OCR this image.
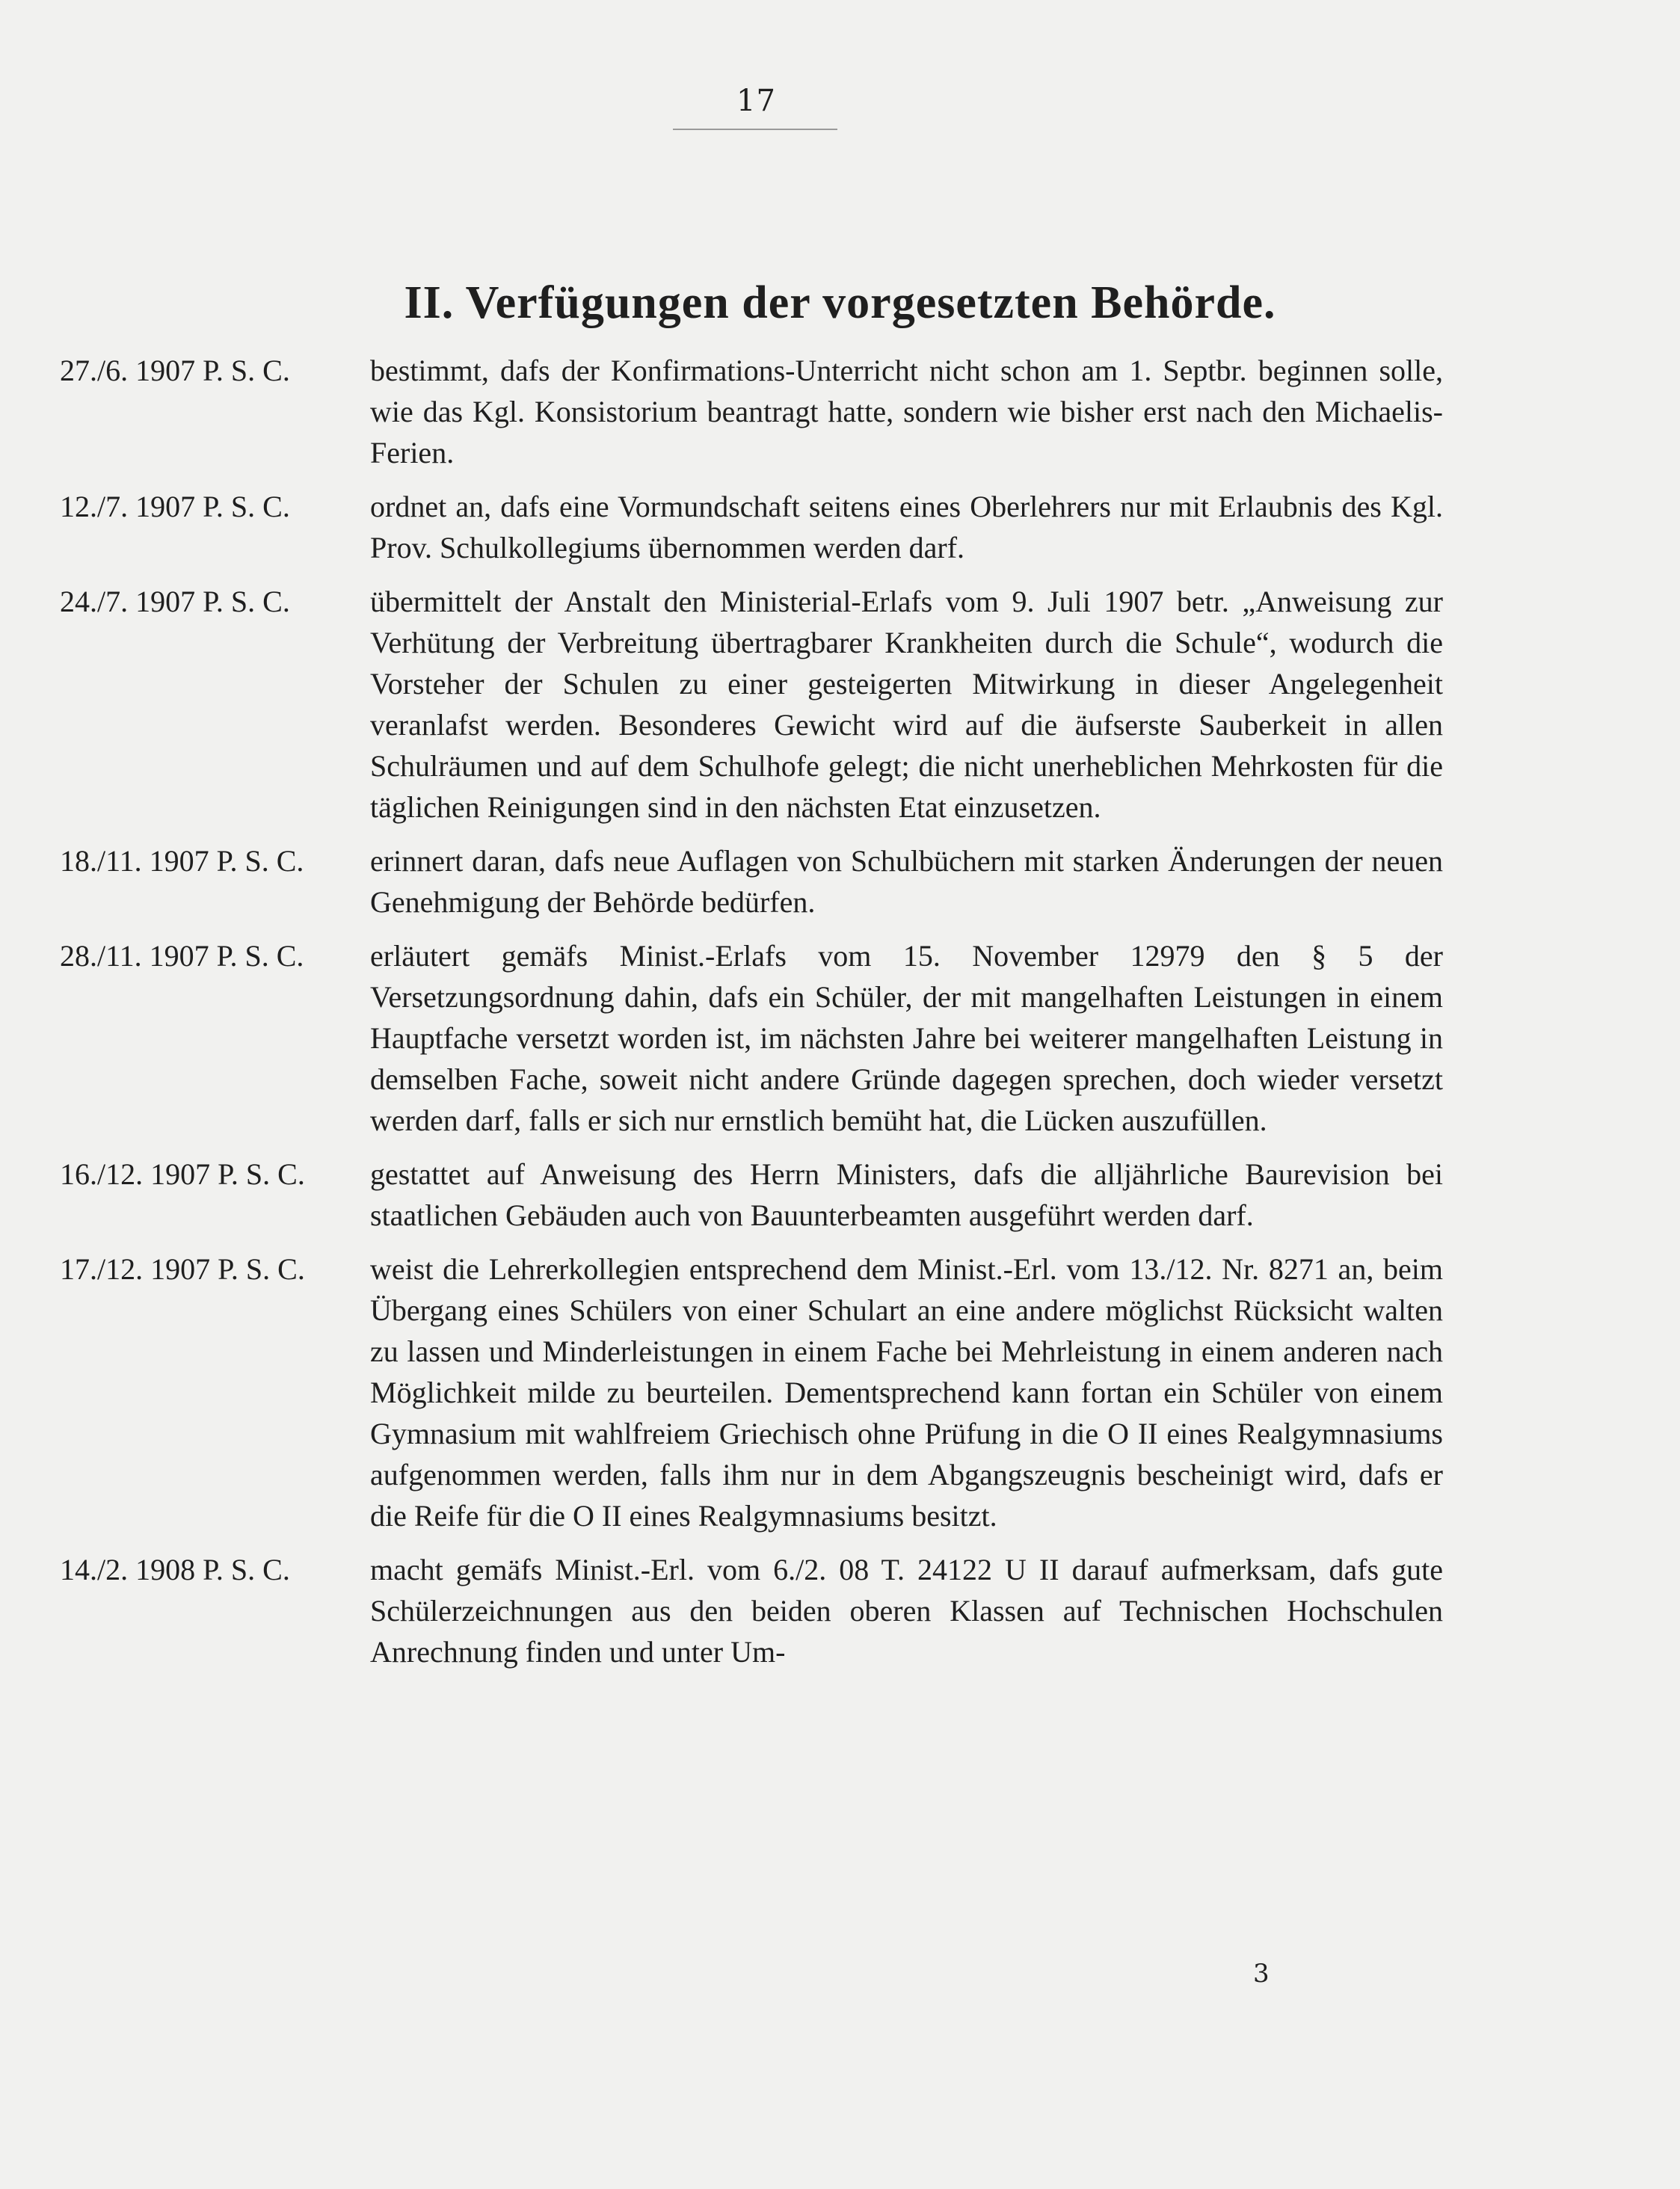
17
II. Verfügungen der vorgesetzten Behörde.
27./6. 1907 P. S. C.	bestimmt, dafs der Konfirmations-Unterricht nicht schon am 1. Septbr. beginnen solle, wie das Kgl. Konsistorium beantragt hatte, sondern wie bisher erst nach den Michaelis-Ferien.
12./7. 1907 P. S. C.	ordnet an, dafs eine Vormundschaft seitens eines Oberlehrers nur mit Erlaubnis des Kgl. Prov. Schulkollegiums übernommen werden darf.
24./7. 1907 P. S. C.	übermittelt der Anstalt den Ministerial-Erlafs vom 9. Juli 1907 betr. „Anweisung zur Verhütung der Verbreitung übertragbarer Krankheiten durch die Schule“, wodurch die Vorsteher der Schulen zu einer gesteigerten Mitwirkung in dieser Angelegenheit veranlafst werden. Besonderes Gewicht wird auf die äufserste Sauberkeit in allen Schulräumen und auf dem Schulhofe gelegt; die nicht unerheblichen Mehrkosten für die täglichen Reinigungen sind in den nächsten Etat einzusetzen.
18./11. 1907 P. S. C.	erinnert daran, dafs neue Auflagen von Schulbüchern mit starken Änderungen der neuen Genehmigung der Behörde bedürfen.
28./11. 1907 P. S. C.	erläutert gemäfs Minist.-Erlafs vom 15. November 12979 den § 5 der Versetzungsordnung dahin, dafs ein Schüler, der mit mangelhaften Leistungen in einem Hauptfache versetzt worden ist, im nächsten Jahre bei weiterer mangelhaften Leistung in demselben Fache, soweit nicht andere Gründe dagegen sprechen, doch wieder versetzt werden darf, falls er sich nur ernstlich bemüht hat, die Lücken auszufüllen.
16./12. 1907 P. S. C.	gestattet auf Anweisung des Herrn Ministers, dafs die alljährliche Baurevision bei staatlichen Gebäuden auch von Bauunterbeamten ausgeführt werden darf.
17./12. 1907 P. S. C.	weist die Lehrerkollegien entsprechend dem Minist.-Erl. vom 13./12. Nr. 8271 an, beim Übergang eines Schülers von einer Schulart an eine andere möglichst Rücksicht walten zu lassen und Minderleistungen in einem Fache bei Mehrleistung in einem anderen nach Möglichkeit milde zu beurteilen. Dementsprechend kann fortan ein Schüler von einem Gymnasium mit wahlfreiem Griechisch ohne Prüfung in die O II eines Realgymnasiums aufgenommen werden, falls ihm nur in dem Abgangszeugnis bescheinigt wird, dafs er die Reife für die O II eines Realgymnasiums besitzt.
14./2. 1908 P. S. C.	macht gemäfs Minist.-Erl. vom 6./2. 08 T. 24122 U II darauf aufmerksam, dafs gute Schülerzeichnungen aus den beiden oberen Klassen auf Technischen Hochschulen Anrechnung finden und unter Um-
3
